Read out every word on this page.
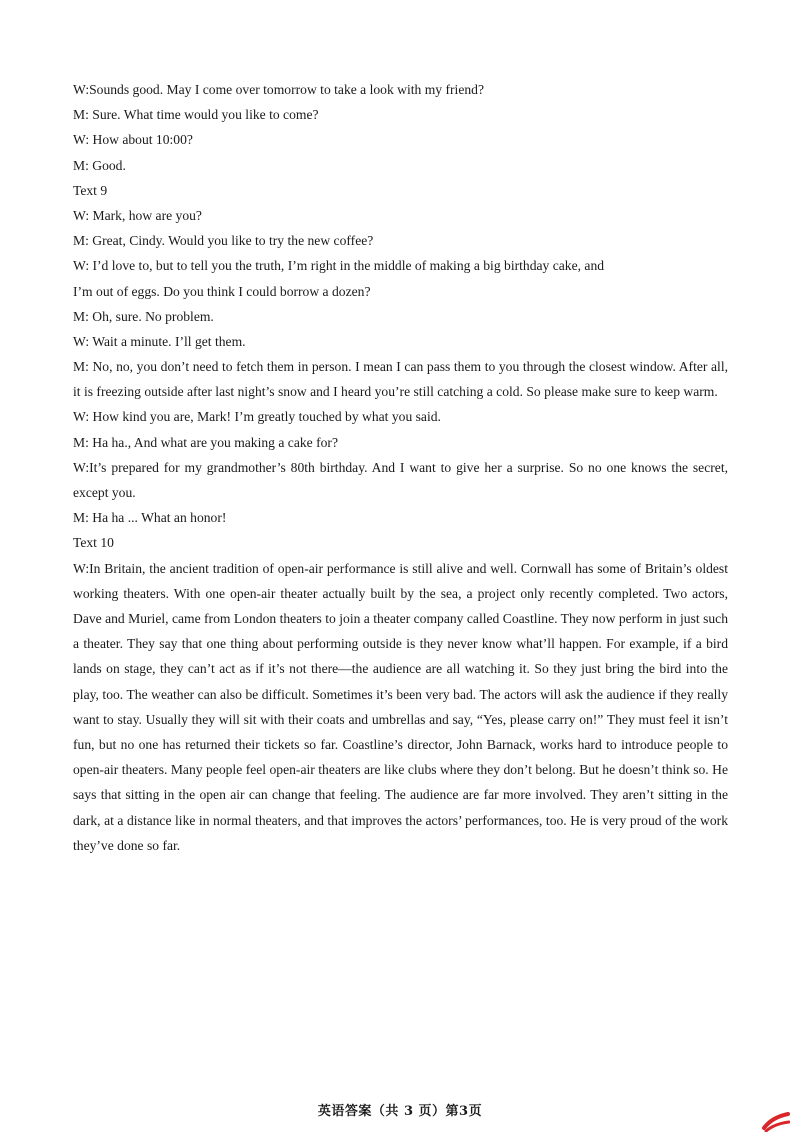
W:Sounds good. May I come over tomorrow to take a look with my friend?

M: Sure. What time would you like to come?

W: How about 10:00?

M: Good.

Text 9

W: Mark, how are you?

M: Great, Cindy. Would you like to try the new coffee?

W: I’d love to, but to tell you the truth, I’m right in the middle of making a big birthday cake, and

I’m out of eggs. Do you think I could borrow a dozen?

M: Oh, sure. No problem.

W: Wait a minute. I’ll get them.

M: No, no, you don’t need to fetch them in person. I mean I can pass them to you through the closest window. After all, it is freezing outside after last night’s snow and I heard you’re still catching a cold. So please make sure to keep warm.

W: How kind you are, Mark! I’m greatly touched by what you said.

M: Ha ha., And what are you making a cake for?

W:It’s prepared for my grandmother’s 80th birthday. And I want to give her a surprise. So no one knows the secret, except you.

M: Ha ha ... What an honor!

Text 10

W:In Britain, the ancient tradition of open-air performance is still alive and well. Cornwall has some of Britain’s oldest working theaters. With one open-air theater actually built by the sea, a project only recently completed. Two actors, Dave and Muriel, came from London theaters to join a theater company called Coastline. They now perform in just such a theater. They say that one thing about performing outside is they never know what’ll happen. For example, if a bird lands on stage, they can’t act as if it’s not there—the audience are all watching it. So they just bring the bird into the play, too. The weather can also be difficult. Sometimes it’s been very bad. The actors will ask the audience if they really want to stay. Usually they will sit with their coats and umbrellas and say, “Yes, please carry on!” They must feel it isn’t fun, but no one has returned their tickets so far. Coastline’s director, John Barnack, works hard to introduce people to open-air theaters. Many people feel open-air theaters are like clubs where they don’t belong. But he doesn’t think so. He says that sitting in the open air can change that feeling. The audience are far more involved. They aren’t sitting in the dark, at a distance like in normal theaters, and that improves the actors’ performances, too. He is very proud of the work they’ve done so far.

英语答案（共 3 页）第3页
